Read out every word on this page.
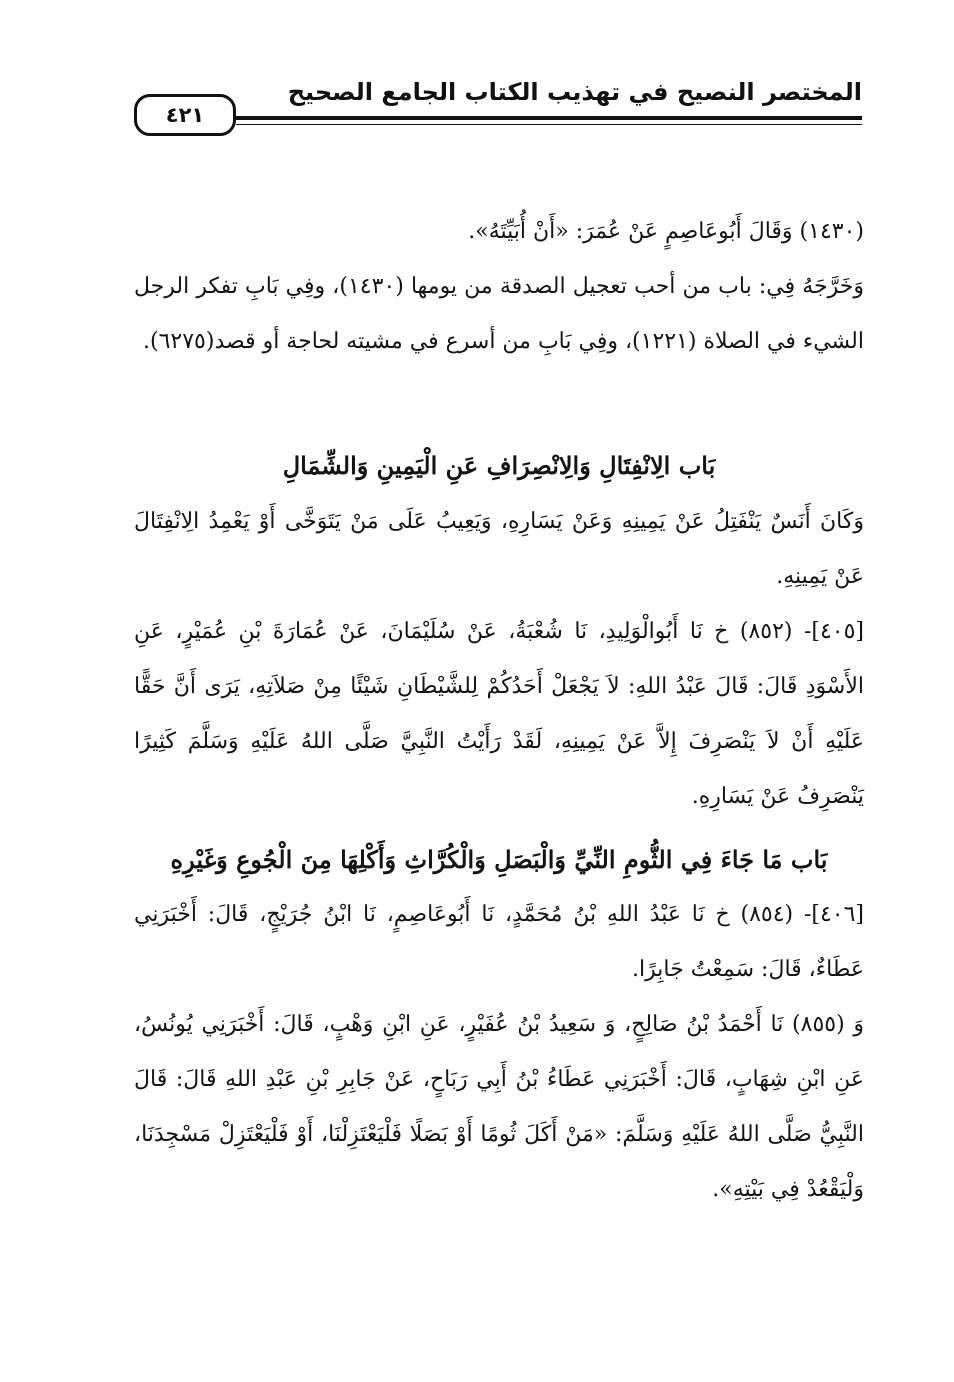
المختصر النصيح في تهذيب الكتاب الجامع الصحيح
٤٢١

(١٤٣٠) وَقَالَ أَبُوعَاصِمٍ عَنْ عُمَرَ: «أَنْ أُبَيِّتَهُ».

وَخَرَّجَهُ فِي: باب من أحب تعجيل الصدقة من يومها (١٤٣٠)، وفِي بَابِ تفكر الرجل الشيء في الصلاة (١٢٢١)، وفِي بَابِ من أسرع في مشيته لحاجة أو قصد(٦٢٧٥).

بَاب الِانْفِتَالِ وَالِانْصِرَافِ عَنِ الْيَمِينِ وَالشِّمَالِ

وَكَانَ أَنَسٌ يَنْفَتِلُ عَنْ يَمِينِهِ وَعَنْ يَسَارِهِ، وَيَعِيبُ عَلَى مَنْ يَتَوَخَّى أَوْ يَعْمِدُ الِانْفِتَالَ عَنْ يَمِينِهِ.

[٤٠٥]- (٨٥٢) خ نَا أَبُوالْوَلِيدِ، نَا شُعْبَةُ، عَنْ سُلَيْمَانَ، عَنْ عُمَارَةَ بْنِ عُمَيْرٍ، عَنِ الأَسْوَدِ قَالَ: قَالَ عَبْدُ اللهِ: لاَ يَجْعَلْ أَحَدُكُمْ لِلشَّيْطَانِ شَيْئًا مِنْ صَلاَتِهِ، يَرَى أَنَّ حَقًّا عَلَيْهِ أَنْ لاَ يَنْصَرِفَ إِلاَّ عَنْ يَمِينِهِ، لَقَدْ رَأَيْتُ النَّبِيَّ صَلَّى اللهُ عَلَيْهِ وَسَلَّمَ كَثِيرًا يَنْصَرِفُ عَنْ يَسَارِهِ.

بَاب مَا جَاءَ فِي الثُّومِ النِّيِّ وَالْبَصَلِ وَالْكُرَّاثِ وَأَكْلِهَا مِنَ الْجُوعِ وَغَيْرِهِ

[٤٠٦]- (٨٥٤) خ نَا عَبْدُ اللهِ بْنُ مُحَمَّدٍ، نَا أَبُوعَاصِمٍ، نَا ابْنُ جُرَيْجٍ، قَالَ: أَخْبَرَنِي عَطَاءٌ، قَالَ: سَمِعْتُ جَابِرًا.

وَ (٨٥٥) نَا أَحْمَدُ بْنُ صَالِحٍ، وَ سَعِيدُ بْنُ عُفَيْرٍ، عَنِ ابْنِ وَهْبٍ، قَالَ: أَخْبَرَنِي يُونُسُ، عَنِ ابْنِ شِهَابٍ، قَالَ: أَخْبَرَنِي عَطَاءُ بْنُ أَبِي رَبَاحٍ، عَنْ جَابِرِ بْنِ عَبْدِ اللهِ قَالَ: قَالَ النَّبِيُّ صَلَّى اللهُ عَلَيْهِ وَسَلَّمَ: «مَنْ أَكَلَ ثُومًا أَوْ بَصَلًا فَلْيَعْتَزِلْنَا، أَوْ فَلْيَعْتَزِلْ مَسْجِدَنَا، وَلْيَقْعُدْ فِي بَيْتِهِ».
